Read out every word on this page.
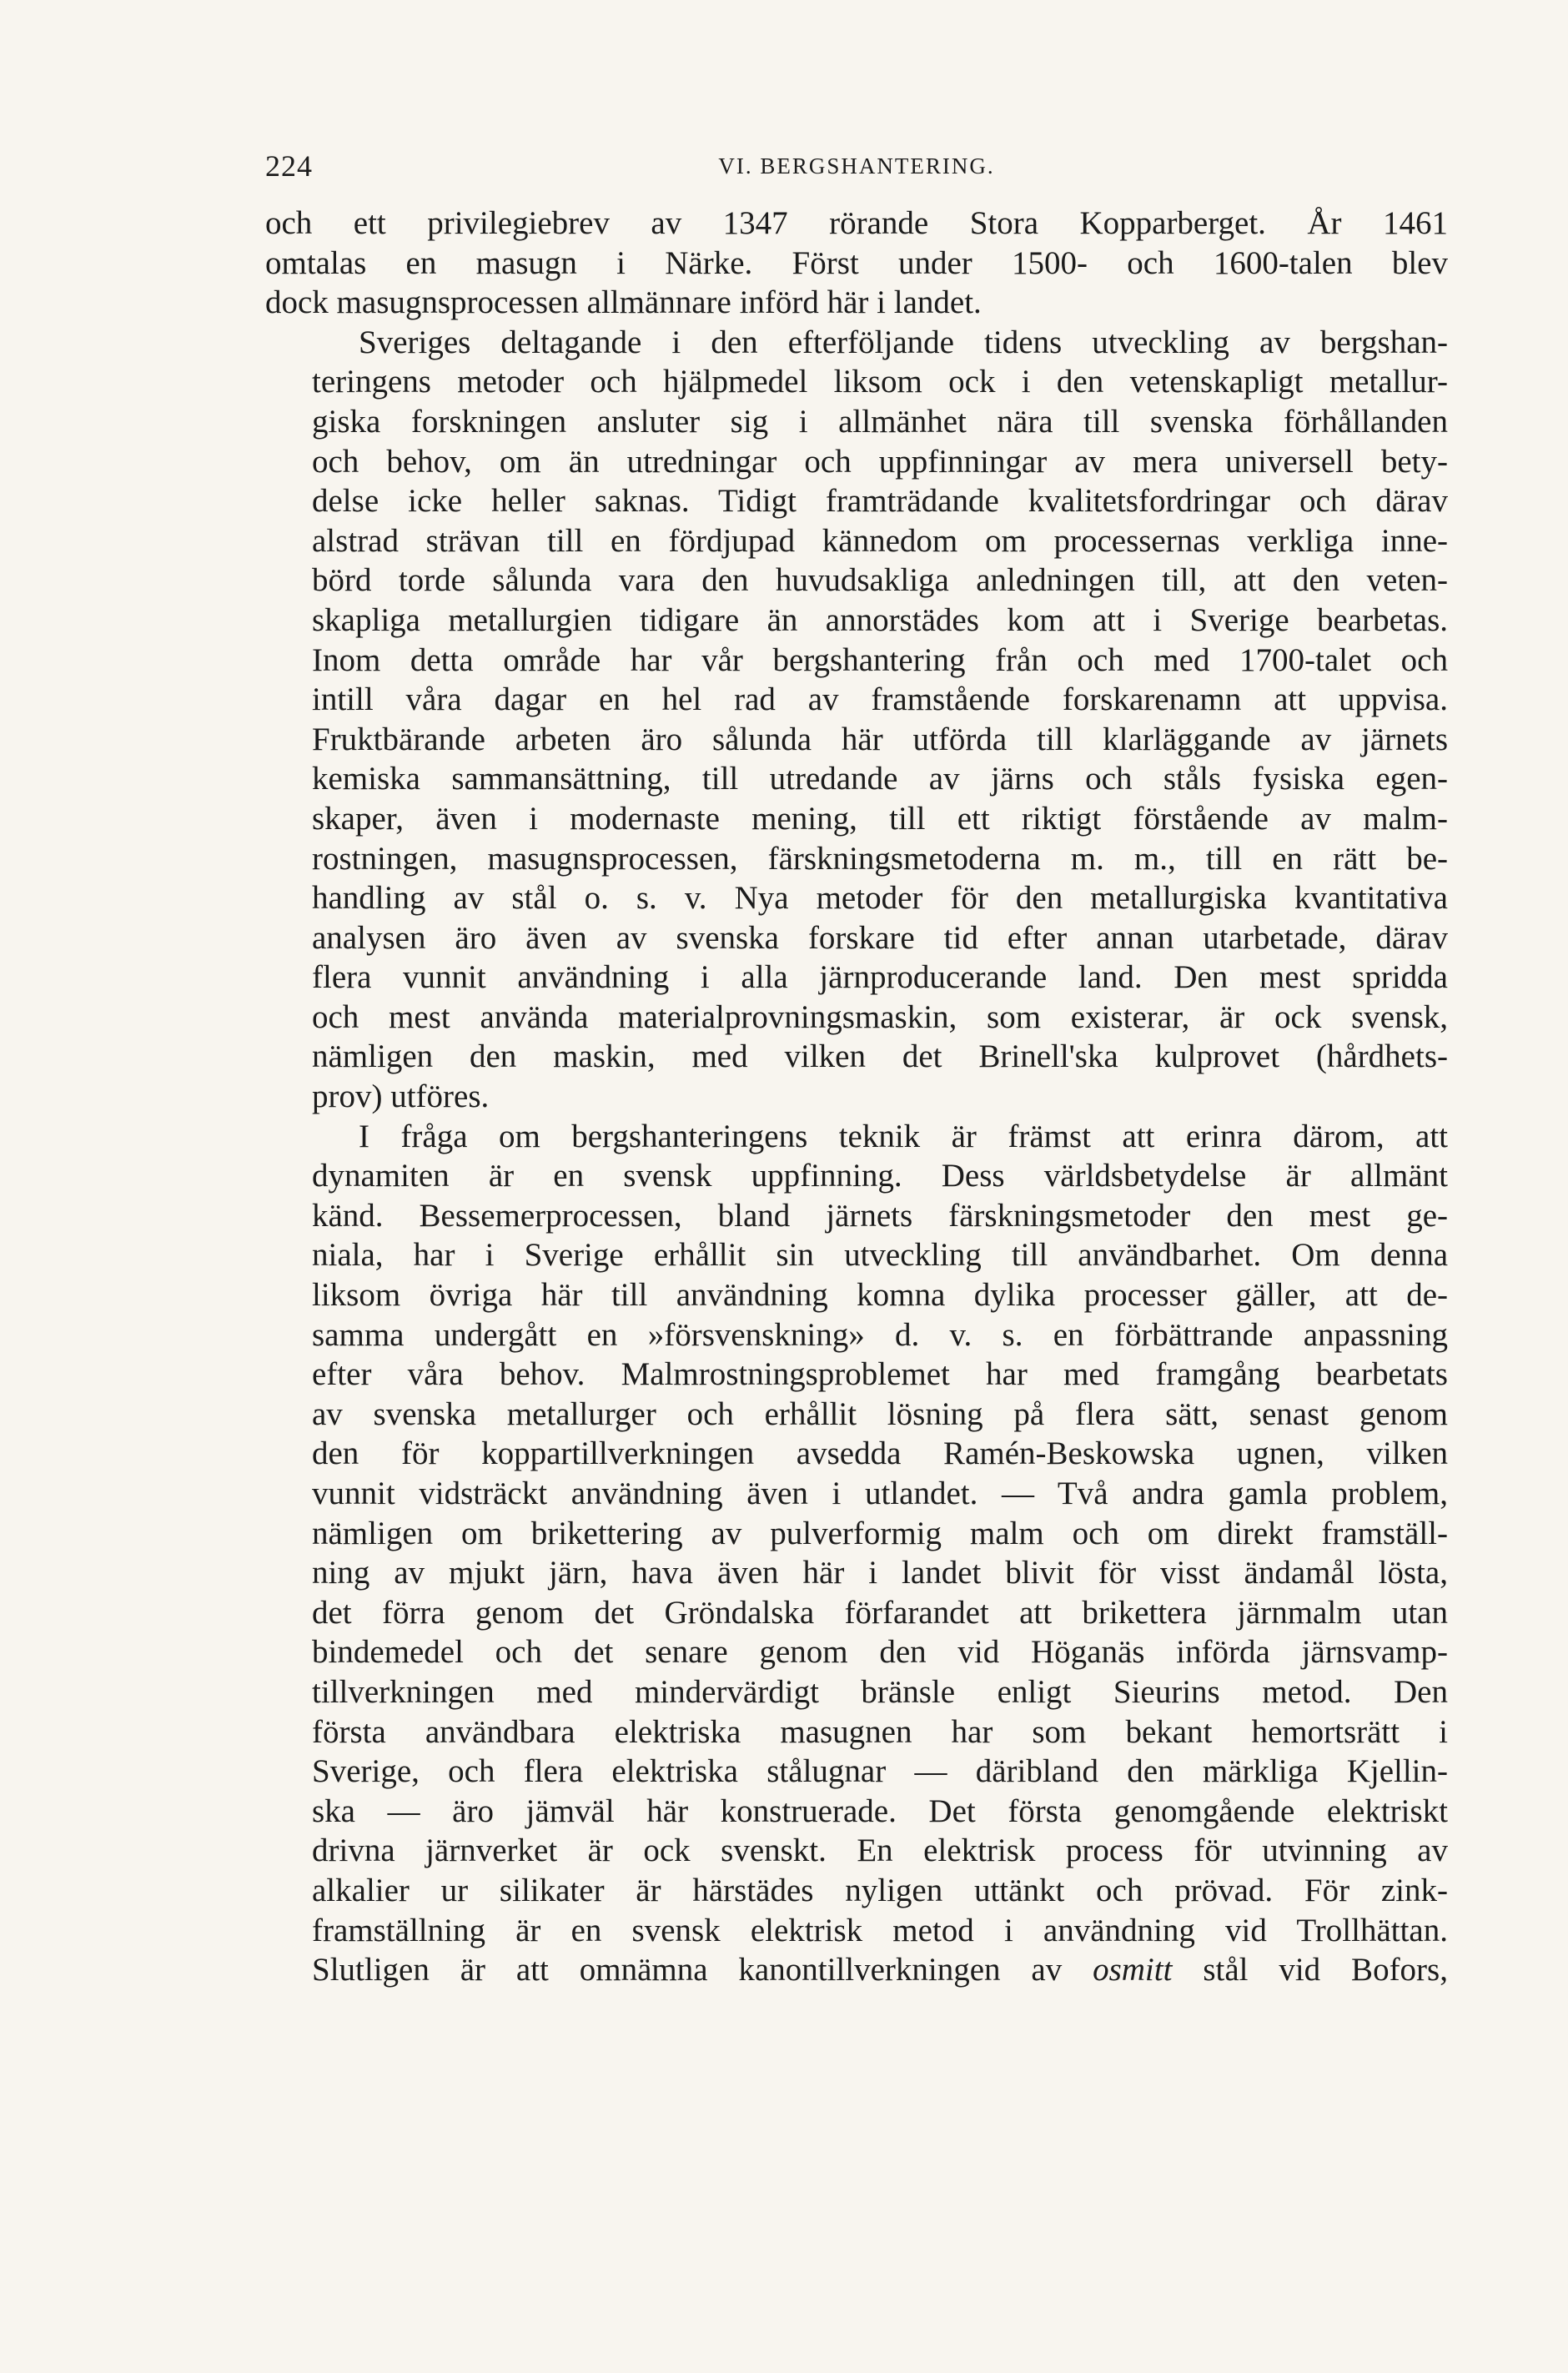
224	VI. BERGSHANTERING.
och ett privilegiebrev av 1347 rörande Stora Kopparberget. År 1461
omtalas en masugn i Närke. Först under 1500- och 1600-talen blev
dock masugnsprocessen allmännare införd här i landet.
Sveriges deltagande i den efterföljande tidens utveckling av bergshan-
teringens metoder och hjälpmedel liksom ock i den vetenskapligt metallur-
giska forskningen ansluter sig i allmänhet nära till svenska förhållanden
och behov, om än utredningar och uppfinningar av mera universell bety-
delse icke heller saknas. Tidigt framträdande kvalitetsfordringar och därav
alstrad strävan till en fördjupad kännedom om processernas verkliga inne-
börd torde sålunda vara den huvudsakliga anledningen till, att den veten-
skapliga metallurgien tidigare än annorstädes kom att i Sverige bearbetas.
Inom detta område har vår bergshantering från och med 1700-talet och
intill våra dagar en hel rad av framstående forskarenamn att uppvisa.
Fruktbärande arbeten äro sålunda här utförda till klarläggande av järnets
kemiska sammansättning, till utredande av järns och ståls fysiska egen-
skaper, även i modernaste mening, till ett riktigt förstående av malm-
rostningen, masugnsprocessen, färskningsmetoderna m. m., till en rätt be-
handling av stål o. s. v. Nya metoder för den metallurgiska kvantitativa
analysen äro även av svenska forskare tid efter annan utarbetade, därav
flera vunnit användning i alla järnproducerande land. Den mest spridda
och mest använda materialprovningsmaskin, som existerar, är ock svensk,
nämligen den maskin, med vilken det Brinell'ska kulprovet (hårdhets-
prov) utföres.
I fråga om bergshanteringens teknik är främst att erinra därom, att
dynamiten är en svensk uppfinning. Dess världsbetydelse är allmänt
känd. Bessemerprocessen, bland järnets färskningsmetoder den mest ge-
niala, har i Sverige erhållit sin utveckling till användbarhet. Om denna
liksom övriga här till användning komna dylika processer gäller, att de-
samma undergått en »försvenskning» d. v. s. en förbättrande anpassning
efter våra behov. Malmrostningsproblemet har med framgång bearbetats
av svenska metallurger och erhållit lösning på flera sätt, senast genom
den för koppartillverkningen avsedda Ramén-Beskowska ugnen, vilken
vunnit vidsträckt användning även i utlandet. — Två andra gamla problem,
nämligen om brikettering av pulverformig malm och om direkt framställ-
ning av mjukt järn, hava även här i landet blivit för visst ändamål lösta,
det förra genom det Gröndalska förfarandet att brikettera järnmalm utan
bindemedel och det senare genom den vid Höganäs införda järnsvamp-
tillverkningen med mindervärdigt bränsle enligt Sieurins metod. Den
första användbara elektriska masugnen har som bekant hemortsrätt i
Sverige, och flera elektriska stålugnar — däribland den märkliga Kjellin-
ska — äro jämväl här konstruerade. Det första genomgående elektriskt
drivna järnverket är ock svenskt. En elektrisk process för utvinning av
alkalier ur silikater är härstädes nyligen uttänkt och prövad. För zink-
framställning är en svensk elektrisk metod i användning vid Trollhättan.
Slutligen är att omnämna kanontillverkningen av osmitt stål vid Bofors,
